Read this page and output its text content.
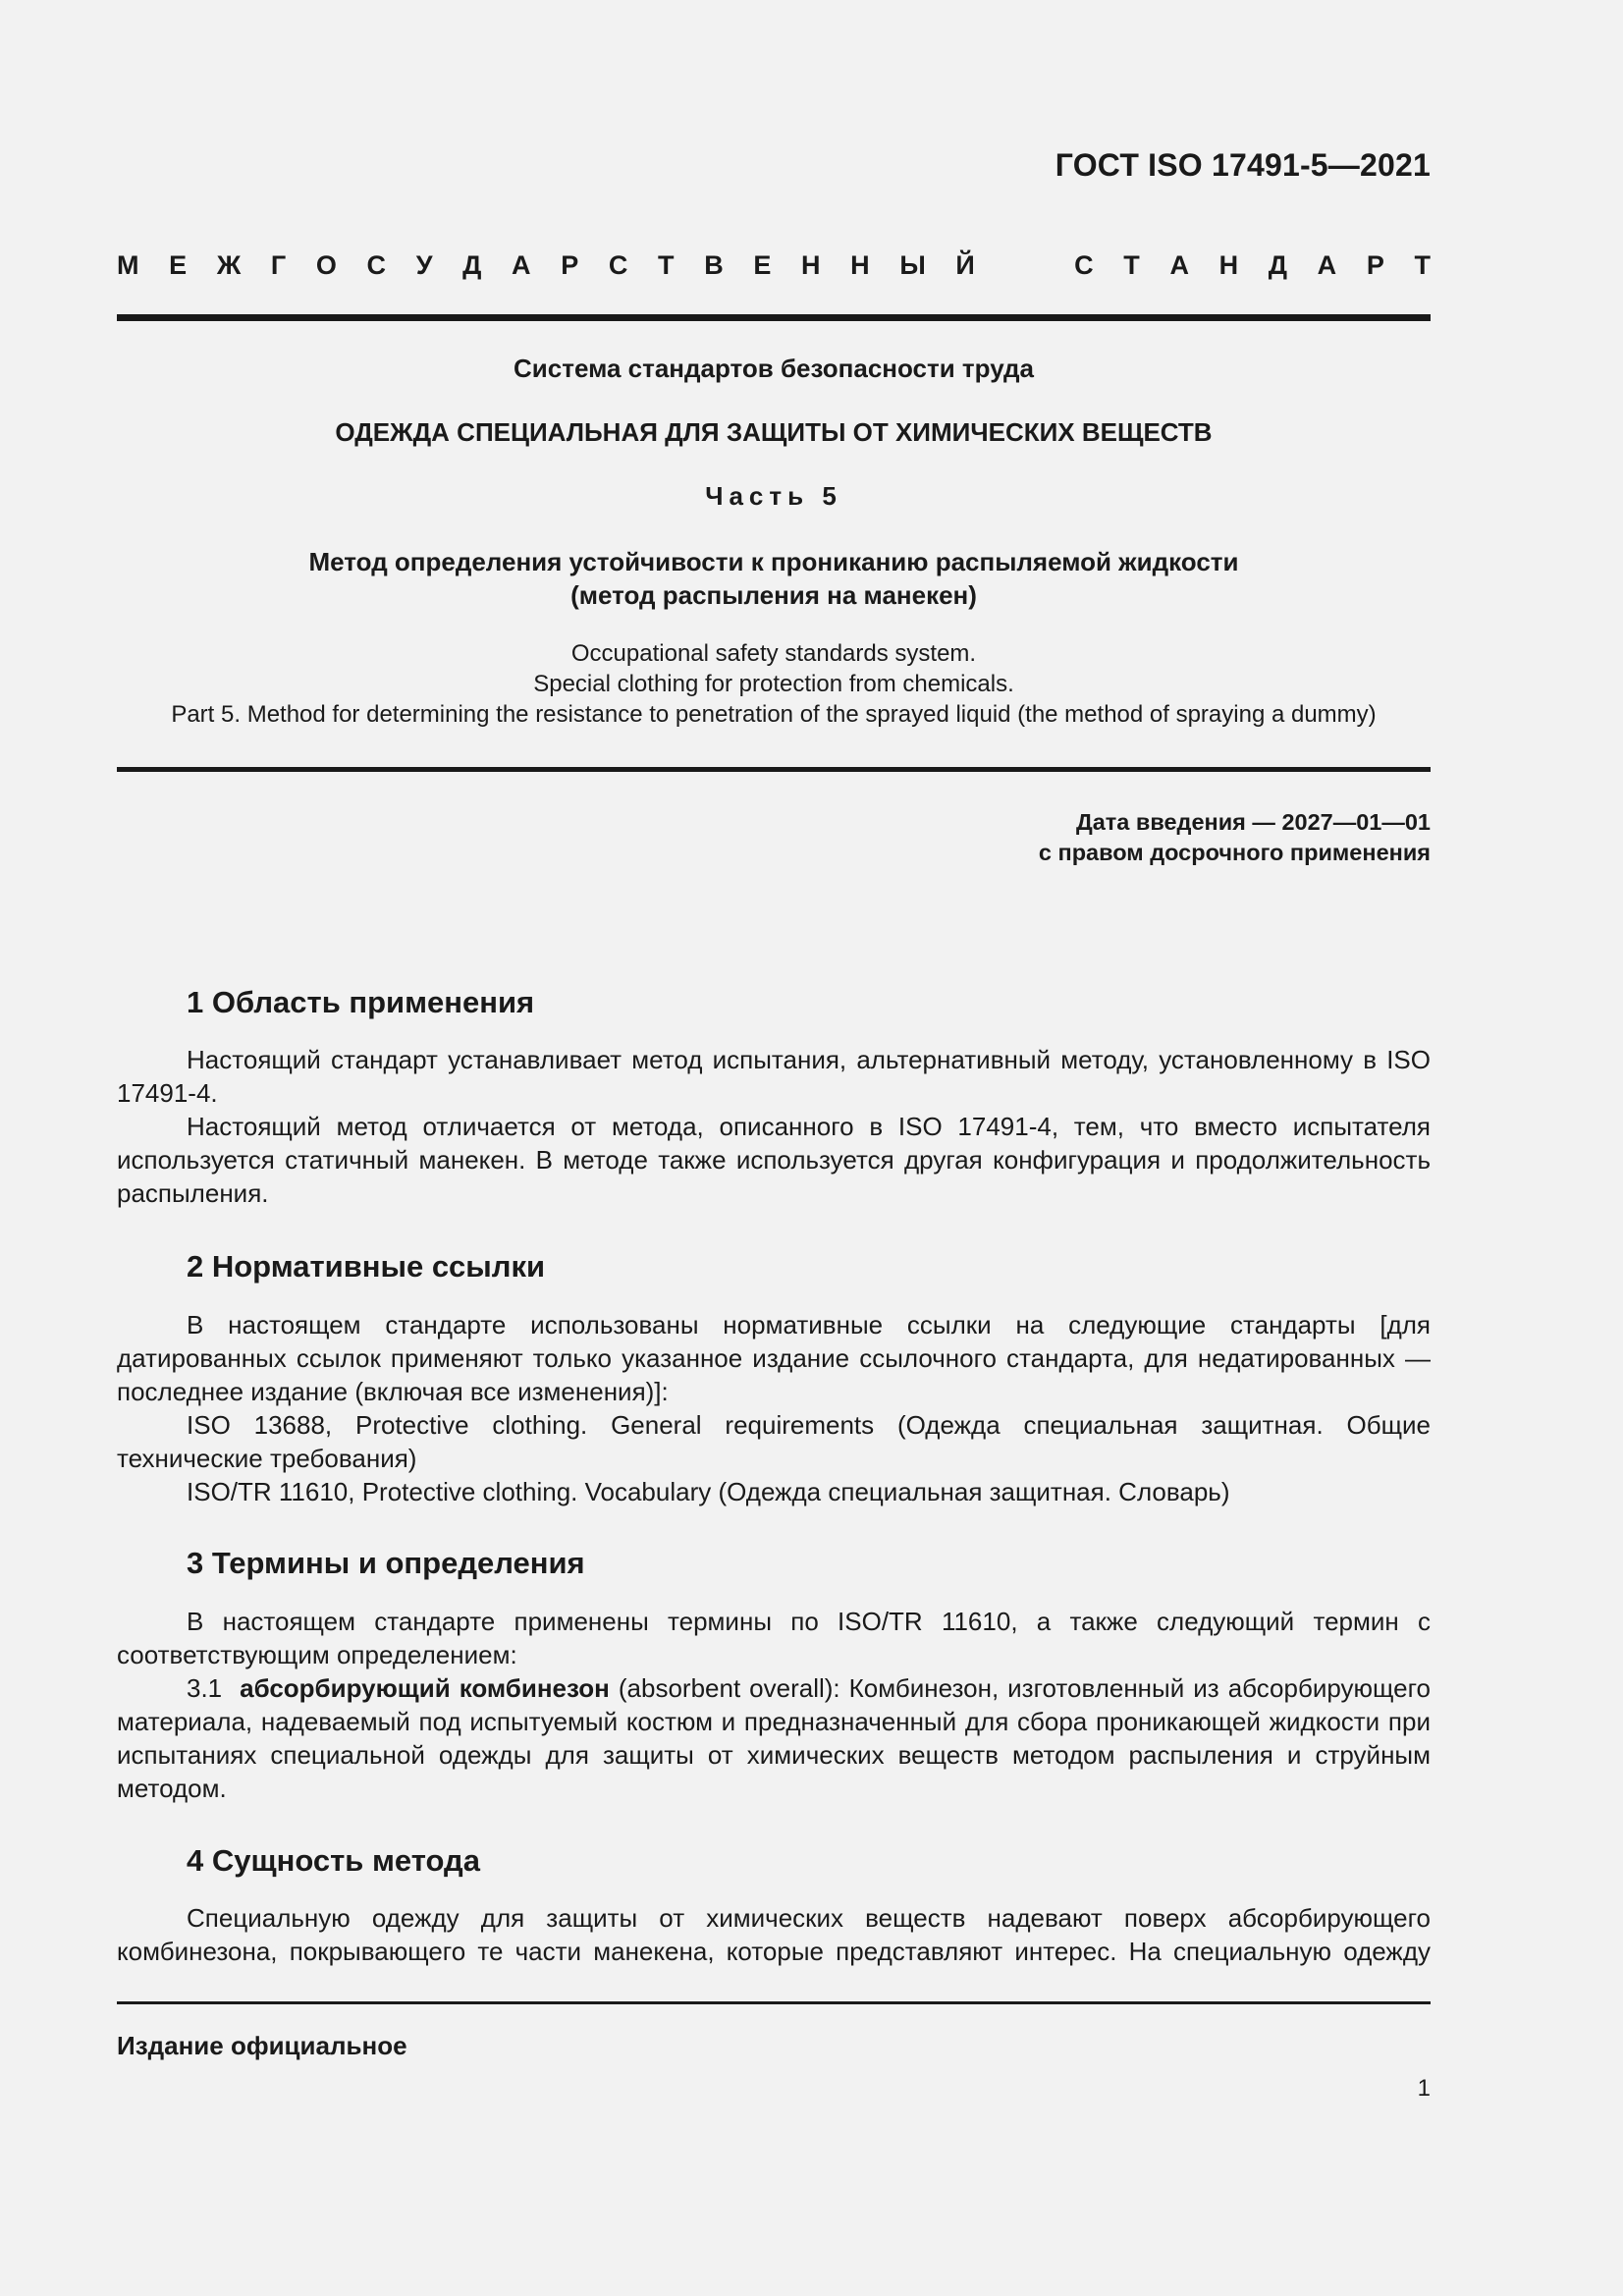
ГОСТ ISO 17491-5—2021
М Е Ж Г О С У Д А Р С Т В Е Н Н Ы Й	С Т А Н Д А Р Т
Система стандартов безопасности труда
ОДЕЖДА СПЕЦИАЛЬНАЯ ДЛЯ ЗАЩИТЫ ОТ ХИМИЧЕСКИХ ВЕЩЕСТВ
Часть 5
Метод определения устойчивости к прониканию распыляемой жидкости
(метод распыления на манекен)
Occupational safety standards system.
Special clothing for protection from chemicals.
Part 5. Method for determining the resistance to penetration of the sprayed liquid (the method of spraying a dummy)
Дата введения — 2027—01—01
с правом досрочного применения
1 Область применения

Настоящий стандарт устанавливает метод испытания, альтернативный методу, установленному в ISO 17491-4.

Настоящий метод отличается от метода, описанного в ISO 17491-4, тем, что вместо испытателя используется статичный манекен. В методе также используется другая конфигурация и продолжительность распыления.

2 Нормативные ссылки

В настоящем стандарте использованы нормативные ссылки на следующие стандарты [для датированных ссылок применяют только указанное издание ссылочного стандарта, для недатированных — последнее издание (включая все изменения)]:

ISO 13688, Protective clothing. General requirements (Одежда специальная защитная. Общие технические требования)

ISO/TR 11610, Protective clothing. Vocabulary (Одежда специальная защитная. Словарь)

3 Термины и определения

В настоящем стандарте применены термины по ISO/TR 11610, а также следующий термин с соответствующим определением:

3.1 абсорбирующий комбинезон (absorbent overall): Комбинезон, изготовленный из абсорбирующего материала, надеваемый под испытуемый костюм и предназначенный для сбора проникающей жидкости при испытаниях специальной одежды для защиты от химических веществ методом распыления и струйным методом.

4 Сущность метода

Специальную одежду для защиты от химических веществ надевают поверх абсорбирующего комбинезона, покрывающего те части манекена, которые представляют интерес. На специальную одежду

Издание официальное
1
